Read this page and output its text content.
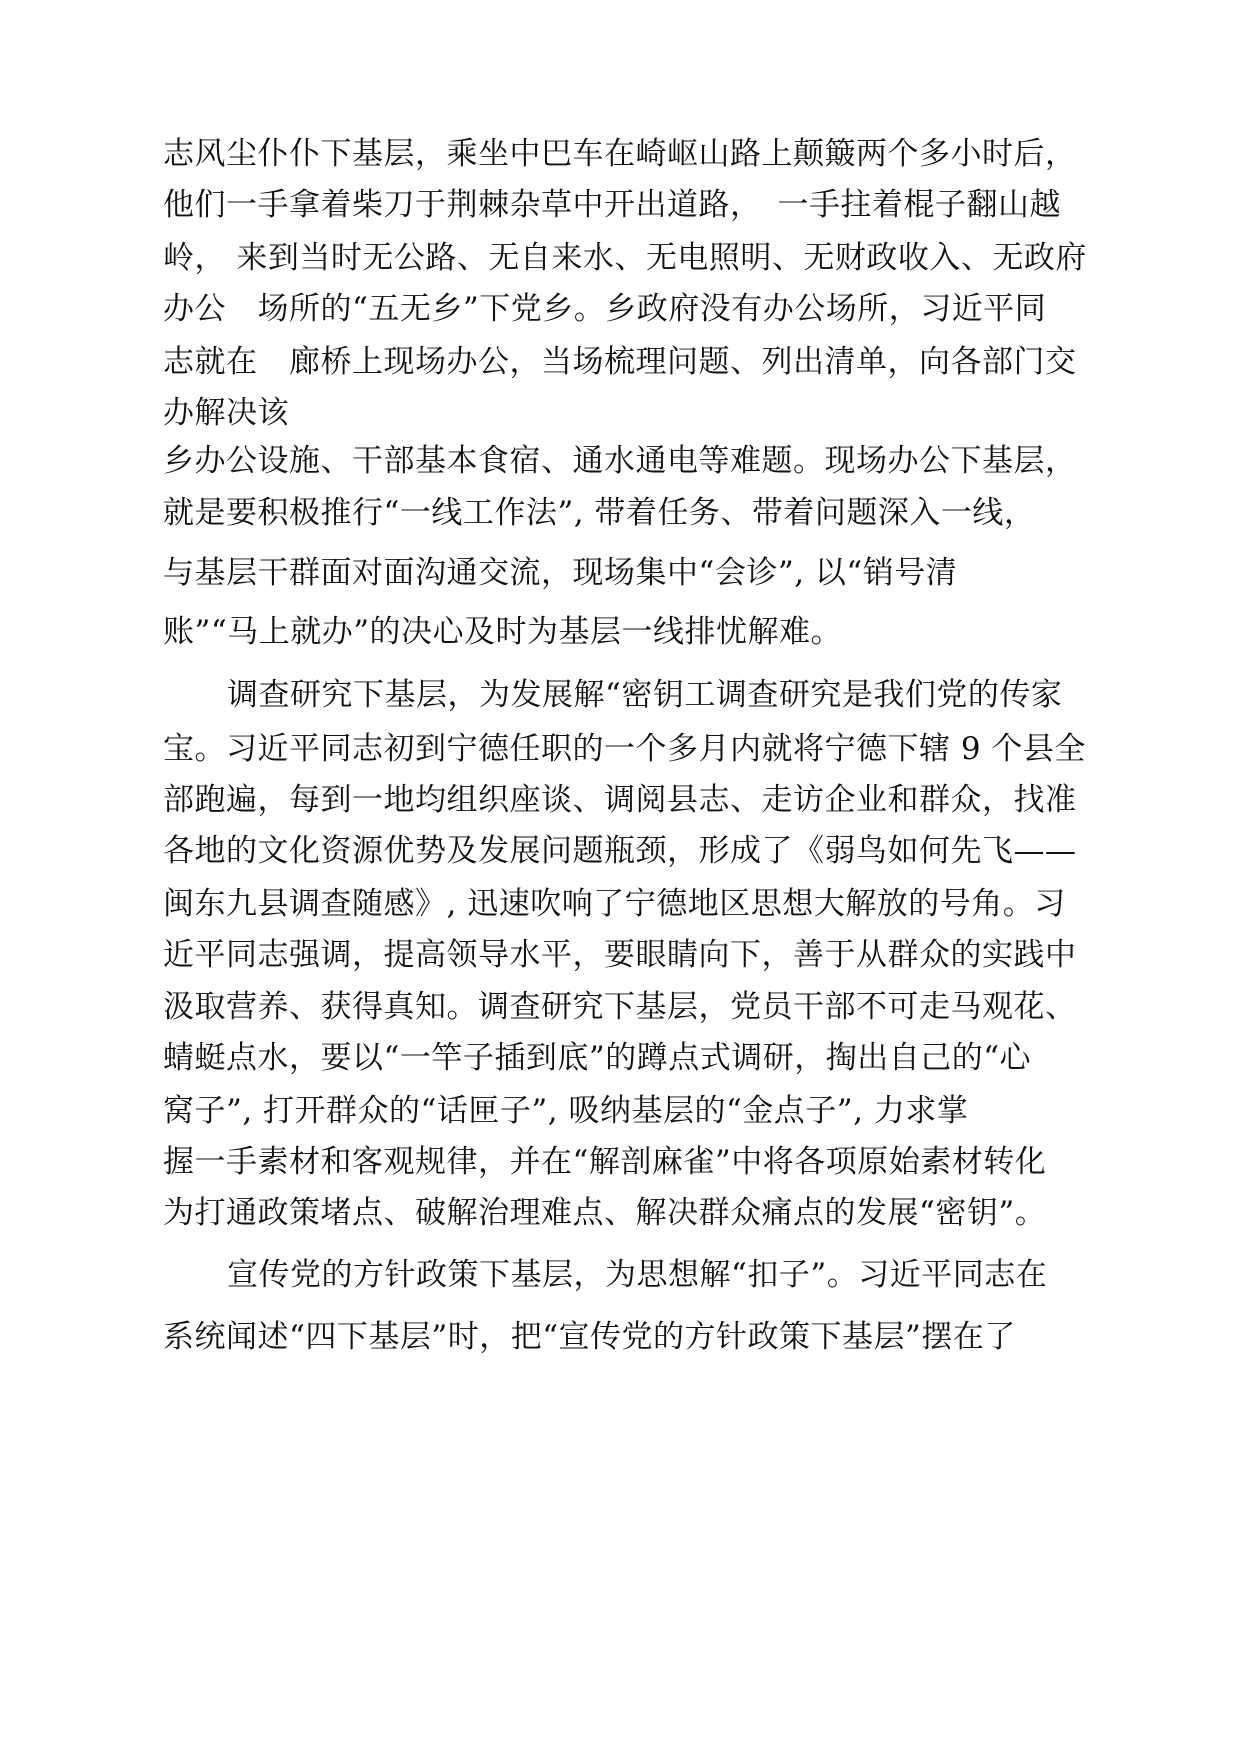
志风尘仆仆下基层，乘坐中巴车在崎岖山路上颠簸两个多小时后，
他们一手拿着柴刀于荆棘杂草中开出道路，　一手拄着棍子翻山越
岭， 来到当时无公路、无自来水、无电照明、无财政收入、无政府
办公　场所的“五无乡”下党乡。乡政府没有办公场所，习近平同
志就在　廊桥上现场办公，当场梳理问题、列出清单，向各部门交
办解决该
乡办公设施、干部基本食宿、通水通电等难题。现场办公下基层，
就是要积极推行“一线工作法”, 带着任务、带着问题深入一线，
与基层干群面对面沟通交流，现场集中“会诊”, 以“销号清
账”“马上就办”的决心及时为基层一线排忧解难。
调查研究下基层，为发展解“密钥工调查研究是我们党的传家
宝。习近平同志初到宁德任职的一个多月内就将宁德下辖 9 个县全
部跑遍，每到一地均组织座谈、调阅县志、走访企业和群众，找准
各地的文化资源优势及发展问题瓶颈，形成了《弱鸟如何先飞——
闽东九县调查随感》, 迅速吹响了宁德地区思想大解放的号角。习
近平同志强调，提高领导水平，要眼睛向下，善于从群众的实践中
汲取营养、获得真知。调查研究下基层，党员干部不可走马观花、
蜻蜓点水，要以“一竿子插到底”的蹲点式调研，掏出自己的“心
窝子”, 打开群众的“话匣子”, 吸纳基层的“金点子”, 力求掌
握一手素材和客观规律，并在“解剖麻雀”中将各项原始素材转化
为打通政策堵点、破解治理难点、解决群众痛点的发展“密钥”。
宣传党的方针政策下基层，为思想解“扣子”。习近平同志在
系统闻述“四下基层”时，把“宣传党的方针政策下基层”摆在了
